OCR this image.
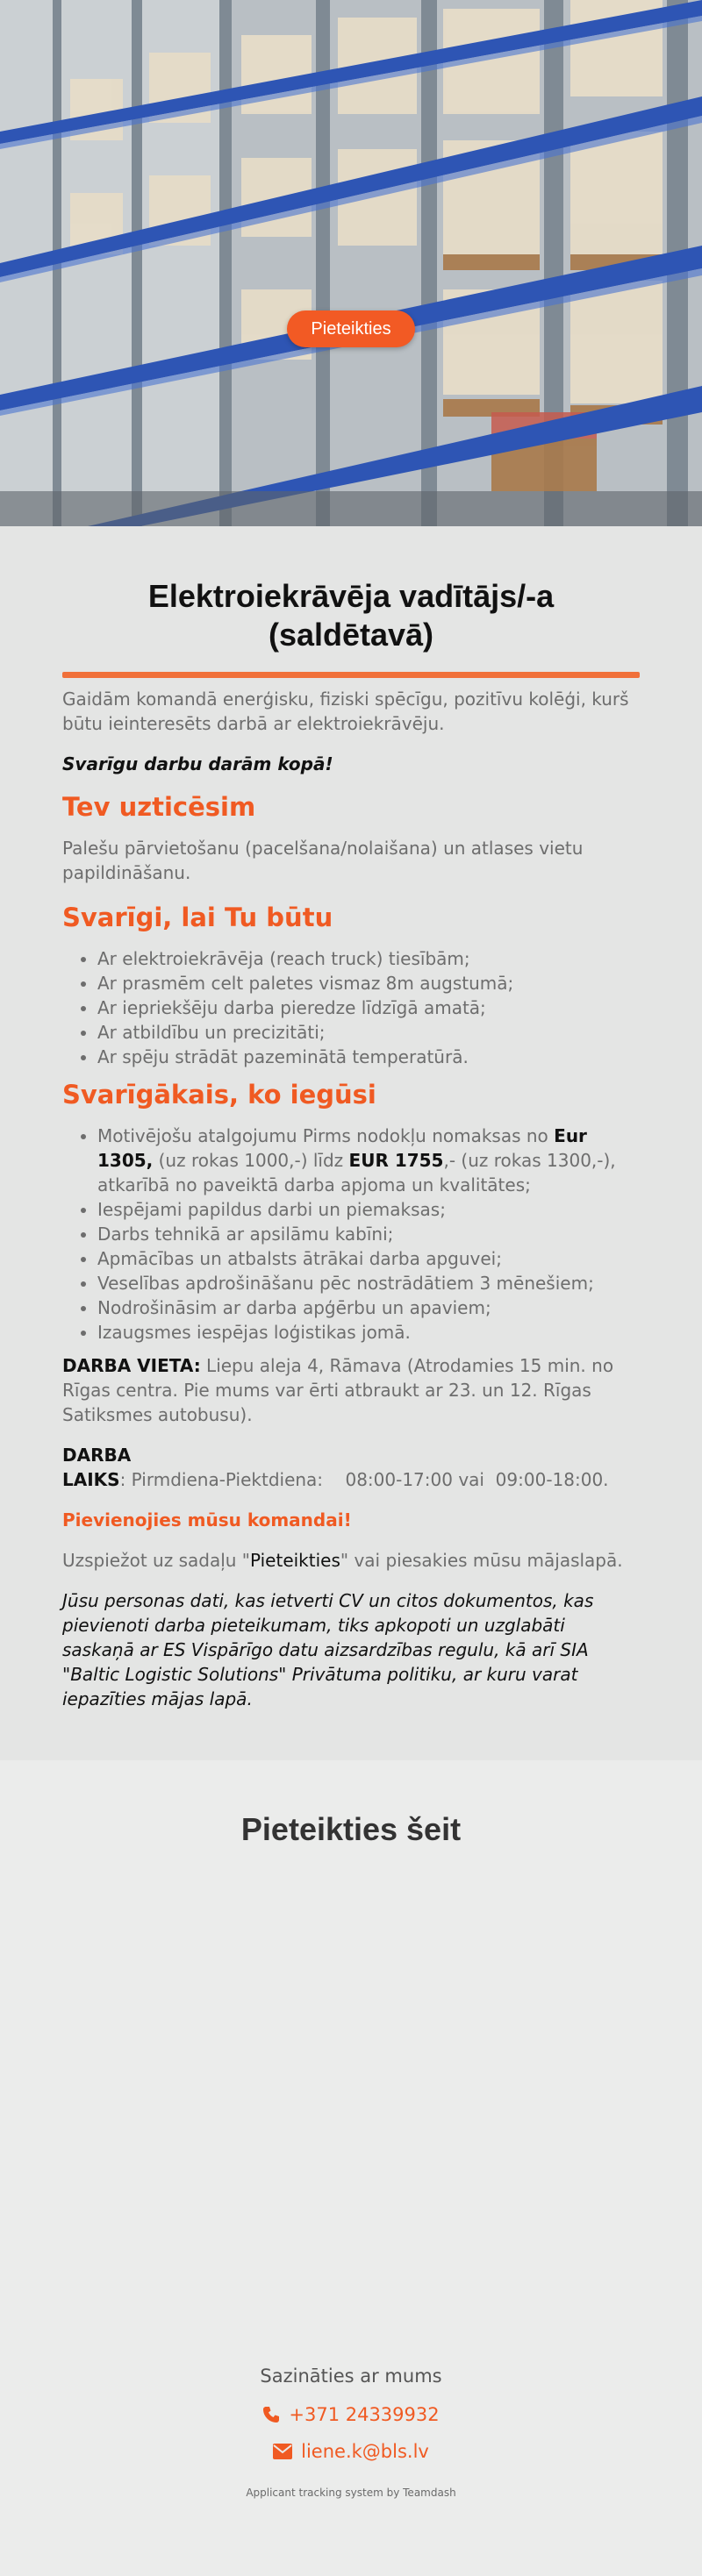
Pieteikties
Elektroiekrāvēja vadītājs/-a (saldētavā)

Gaidām komandā enerģisku, fiziski spēcīgu, pozitīvu kolēģi, kurš būtu ieinteresēts darbā ar elektroiekrāvēju.

Svarīgu darbu darām kopā!

Tev uzticēsim

Palešu pārvietošanu (pacelšana/nolaišana) un atlases vietu papildināšanu.

Svarīgi, lai Tu būtu
• Ar elektroiekrāvēja (reach truck) tiesībām;
• Ar prasmēm celt paletes vismaz 8m augstumā;
• Ar iepriekšēju darba pieredze līdzīgā amatā;
• Ar atbildību un precizitāti;
• Ar spēju strādāt pazeminātā temperatūrā.
Svarīgākais, ko iegūsi
• Motivējošu atalgojumu Pirms nodokļu nomaksas no Eur 1305, (uz rokas 1000,-) līdz EUR 1755,- (uz rokas 1300,-), atkarībā no paveiktā darba apjoma un kvalitātes;
• Iespējami papildus darbi un piemaksas;
• Darbs tehnikā ar apsilāmu kabīni;
• Apmācības un atbalsts ātrākai darba apguvei;
• Veselības apdrošināšanu pēc nostrādātiem 3 mēnešiem;
• Nodrošināsim ar darba apģērbu un apaviem;
• Izaugsmes iespējas loģistikas jomā.

DARBA VIETA: Liepu aleja 4, Rāmava (Atrodamies 15 min. no Rīgas centra. Pie mums var ērti atbraukt ar 23. un 12. Rīgas Satiksmes autobusu).

DARBA LAIKS: Pirmdiena-Piektdiena:    08:00-17:00 vai  09:00-18:00.

Pievienojies mūsu komandai!

Uzspiežot uz sadaļu "Pieteikties" vai piesakies mūsu mājaslapā.

Jūsu personas dati, kas ietverti CV un citos dokumentos, kas pievienoti darba pieteikumam, tiks apkopoti un uzglabāti saskaņā ar ES Vispārīgo datu aizsardzības regulu, kā arī SIA "Baltic Logistic Solutions" Privātuma politiku, ar kuru varat iepazīties mājas lapā.

Pieteikties šeit
Sazināties ar mums
+371 24339932
liene.k@bls.lv
Applicant tracking system by Teamdash
